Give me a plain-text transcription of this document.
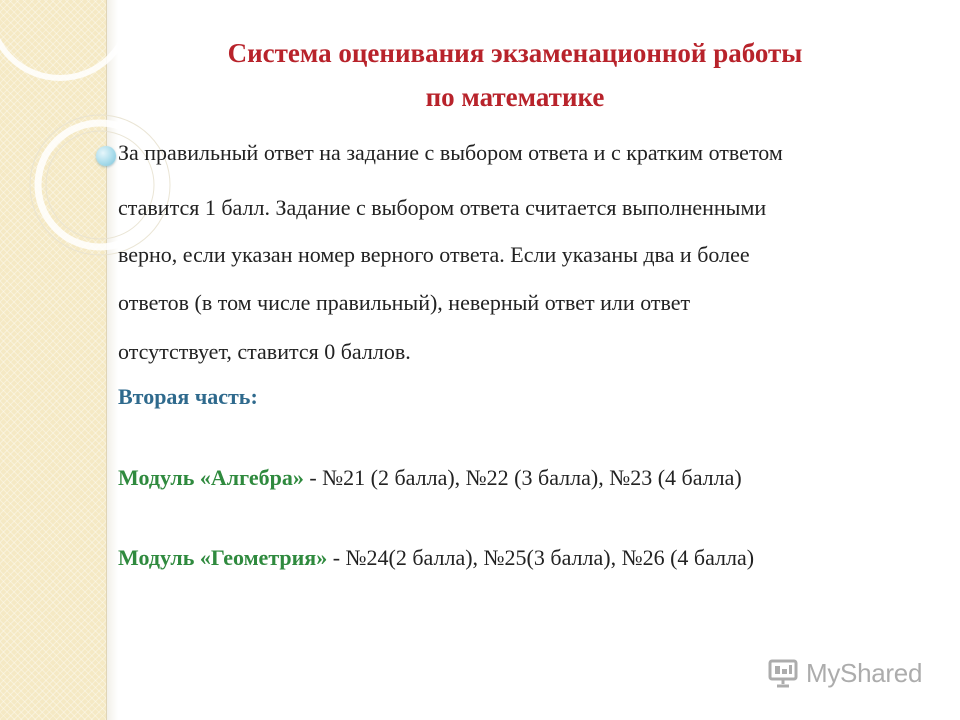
Система оценивания экзаменационной работы
по математике
За правильный ответ на задание с выбором ответа и с кратким ответом
ставится 1 балл. Задание с выбором ответа считается выполненными
верно, если указан номер верного ответа. Если указаны два и более
ответов (в том числе правильный), неверный ответ или ответ
отсутствует, ставится 0 баллов.
Вторая часть:
Модуль «Алгебра» - №21 (2 балла), №22 (3 балла), №23 (4 балла)
Модуль «Геометрия» - №24(2 балла), №25(3 балла), №26 (4 балла)
MyShared
